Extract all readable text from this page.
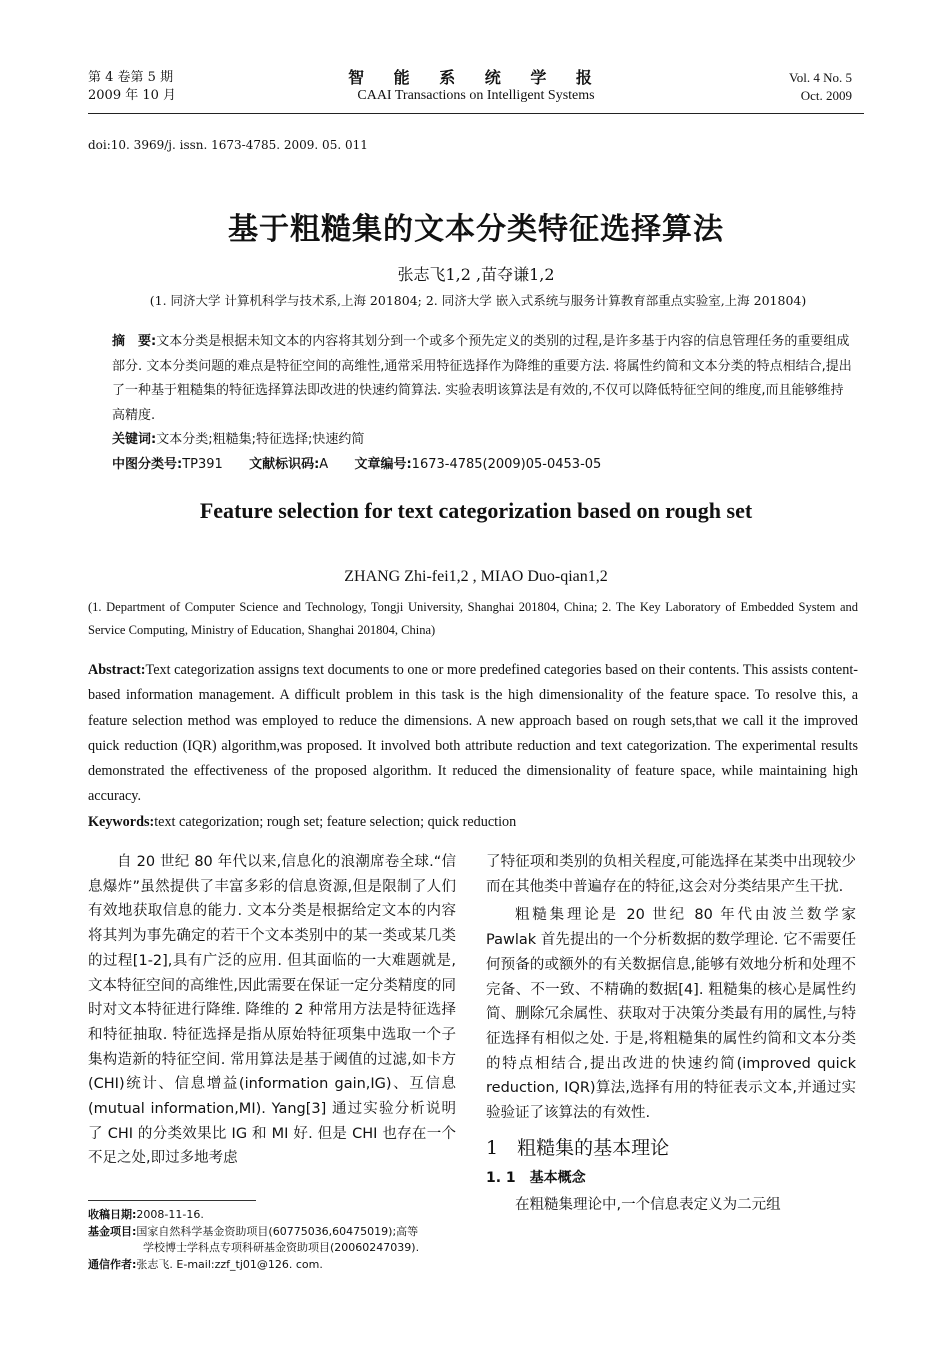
第 4 卷第 5 期
2009 年 10 月
智 能 系 统 学 报
CAAI Transactions on Intelligent Systems
Vol. 4 No. 5
Oct. 2009
doi:10. 3969/j. issn. 1673-4785. 2009. 05. 011
基于粗糙集的文本分类特征选择算法
张志飞1,2 ,苗夺谦1,2
(1. 同济大学 计算机科学与技术系,上海 201804; 2. 同济大学 嵌入式系统与服务计算教育部重点实验室,上海 201804)
摘　要:文本分类是根据未知文本的内容将其划分到一个或多个预先定义的类别的过程,是许多基于内容的信息管理任务的重要组成部分. 文本分类问题的难点是特征空间的高维性,通常采用特征选择作为降维的重要方法. 将属性约简和文本分类的特点相结合,提出了一种基于粗糙集的特征选择算法即改进的快速约简算法. 实验表明该算法是有效的,不仅可以降低特征空间的维度,而且能够维持高精度.
关键词:文本分类;粗糙集;特征选择;快速约简
中图分类号:TP391 文献标识码:A 文章编号:1673-4785(2009)05-0453-05
Feature selection for text categorization based on rough set
ZHANG Zhi-fei1,2 , MIAO Duo-qian1,2
(1. Department of Computer Science and Technology, Tongji University, Shanghai 201804, China; 2. The Key Laboratory of Embedded System and Service Computing, Ministry of Education, Shanghai 201804, China)
Abstract:Text categorization assigns text documents to one or more predefined categories based on their contents. This assists content-based information management. A difficult problem in this task is the high dimensionality of the feature space. To resolve this, a feature selection method was employed to reduce the dimensions. A new approach based on rough sets,that we call it the improved quick reduction (IQR) algorithm,was proposed. It involved both attribute reduction and text categorization. The experimental results demonstrated the effectiveness of the proposed algorithm. It reduced the dimensionality of feature space, while maintaining high accuracy.
Keywords:text categorization; rough set; feature selection; quick reduction

自 20 世纪 80 年代以来,信息化的浪潮席卷全球.“信息爆炸”虽然提供了丰富多彩的信息资源,但是限制了人们有效地获取信息的能力. 文本分类是根据给定文本的内容将其判为事先确定的若干个文本类别中的某一类或某几类的过程[1-2],具有广泛的应用. 但其面临的一大难题就是,文本特征空间的高维性,因此需要在保证一定分类精度的同时对文本特征进行降维. 降维的 2 种常用方法是特征选择和特征抽取. 特征选择是指从原始特征项集中选取一个子集构造新的特征空间. 常用算法是基于阈值的过滤,如卡方(CHI)统计、信息增益(information gain,IG)、互信息(mutual information,MI). Yang[3] 通过实验分析说明了 CHI 的分类效果比 IG 和 MI 好. 但是 CHI 也存在一个不足之处,即过多地考虑

了特征项和类别的负相关程度,可能选择在某类中出现较少而在其他类中普遍存在的特征,这会对分类结果产生干扰.

粗糙集理论是 20 世纪 80 年代由波兰数学家 Pawlak 首先提出的一个分析数据的数学理论. 它不需要任何预备的或额外的有关数据信息,能够有效地分析和处理不完备、不一致、不精确的数据[4]. 粗糙集的核心是属性约简、删除冗余属性、获取对于决策分类最有用的属性,与特征选择有相似之处. 于是,将粗糙集的属性约简和文本分类的特点相结合,提出改进的快速约简(improved quick reduction, IQR)算法,选择有用的特征表示文本,并通过实验验证了该算法的有效性.

1　粗糙集的基本理论
1. 1　基本概念

在粗糙集理论中,一个信息表定义为二元组

收稿日期:2008-11-16.
基金项目:国家自然科学基金资助项目(60775036,60475019);高等
学校博士学科点专项科研基金资助项目(20060247039).
通信作者:张志飞. E-mail:zzf_tj01@126. com.
